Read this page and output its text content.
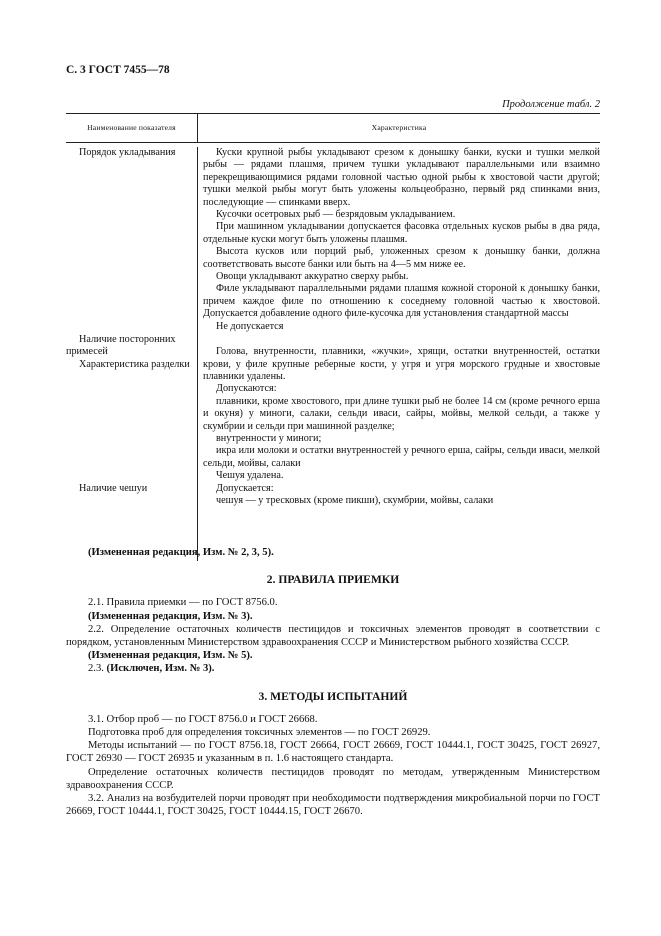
С. 3 ГОСТ 7455—78
Продолжение табл. 2
Наименование показателя	Характеристика
Порядок укладывания
Наличие посторонних примесей
Характеристика разделки
Наличие чешуи

Куски крупной рыбы укладывают срезом к донышку банки, куски и тушки мелкой рыбы — рядами плашмя, причем тушки укладывают параллельными или взаимно перекрещивающимися рядами головной частью одной рыбы к хвостовой части другой; тушки мелкой рыбы могут быть уложены кольцеобразно, первый ряд спинками вниз, последующие — спинками вверх.

Кусочки осетровых рыб — безрядовым укладыванием.

При машинном укладывании допускается фасовка отдельных кусков рыбы в два ряда, отдельные куски могут быть уложены плашмя.

Высота кусков или порций рыб, уложенных срезом к донышку банки, должна соответствовать высоте банки или быть на 4—5 мм ниже ее.

Овощи укладывают аккуратно сверху рыбы.

Филе укладывают параллельными рядами плашмя кожной стороной к донышку банки, причем каждое филе по отношению к соседнему головной частью к хвостовой. Допускается добавление одного филе-кусочка для установления стандартной массы

Не допускается

Голова, внутренности, плавники, «жучки», хрящи, остатки внутренностей, остатки крови, у филе крупные реберные кости, у угря и угря морского грудные и хвостовые плавники удалены.

Допускаются:

плавники, кроме хвостового, при длине тушки рыб не более 14 см (кроме речного ерша и окуня) у миноги, салаки, сельди иваси, сайры, мойвы, мелкой сельди, а также у скумбрии и сельди при машинной разделке;

внутренности у миноги;

икра или молоки и остатки внутренностей у речного ерша, сайры, сельди иваси, мелкой сельди, мойвы, салаки

Чешуя удалена.

Допускается:

чешуя — у тресковых (кроме пикши), скумбрии, мойвы, салаки

(Измененная редакция, Изм. № 2, 3, 5).

2. ПРАВИЛА ПРИЕМКИ

2.1. Правила приемки — по ГОСТ 8756.0.

(Измененная редакция, Изм. № 3).

2.2. Определение остаточных количеств пестицидов и токсичных элементов проводят в соответствии с порядком, установленным Министерством здравоохранения СССР и Министерством рыбного хозяйства СССР.

(Измененная редакция, Изм. № 5).

2.3. (Исключен, Изм. № 3).

3. МЕТОДЫ ИСПЫТАНИЙ

3.1. Отбор проб — по ГОСТ 8756.0 и ГОСТ 26668.

Подготовка проб для определения токсичных элементов — по ГОСТ 26929.

Методы испытаний — по ГОСТ 8756.18, ГОСТ 26664, ГОСТ 26669, ГОСТ 10444.1, ГОСТ 30425, ГОСТ 26927, ГОСТ 26930 — ГОСТ 26935 и указанным в п. 1.6 настоящего стандарта.

Определение остаточных количеств пестицидов проводят по методам, утвержденным Министерством здравоохранения СССР.

3.2. Анализ на возбудителей порчи проводят при необходимости подтверждения микробиальной порчи по ГОСТ 26669, ГОСТ 10444.1, ГОСТ 30425, ГОСТ 10444.15, ГОСТ 26670.
